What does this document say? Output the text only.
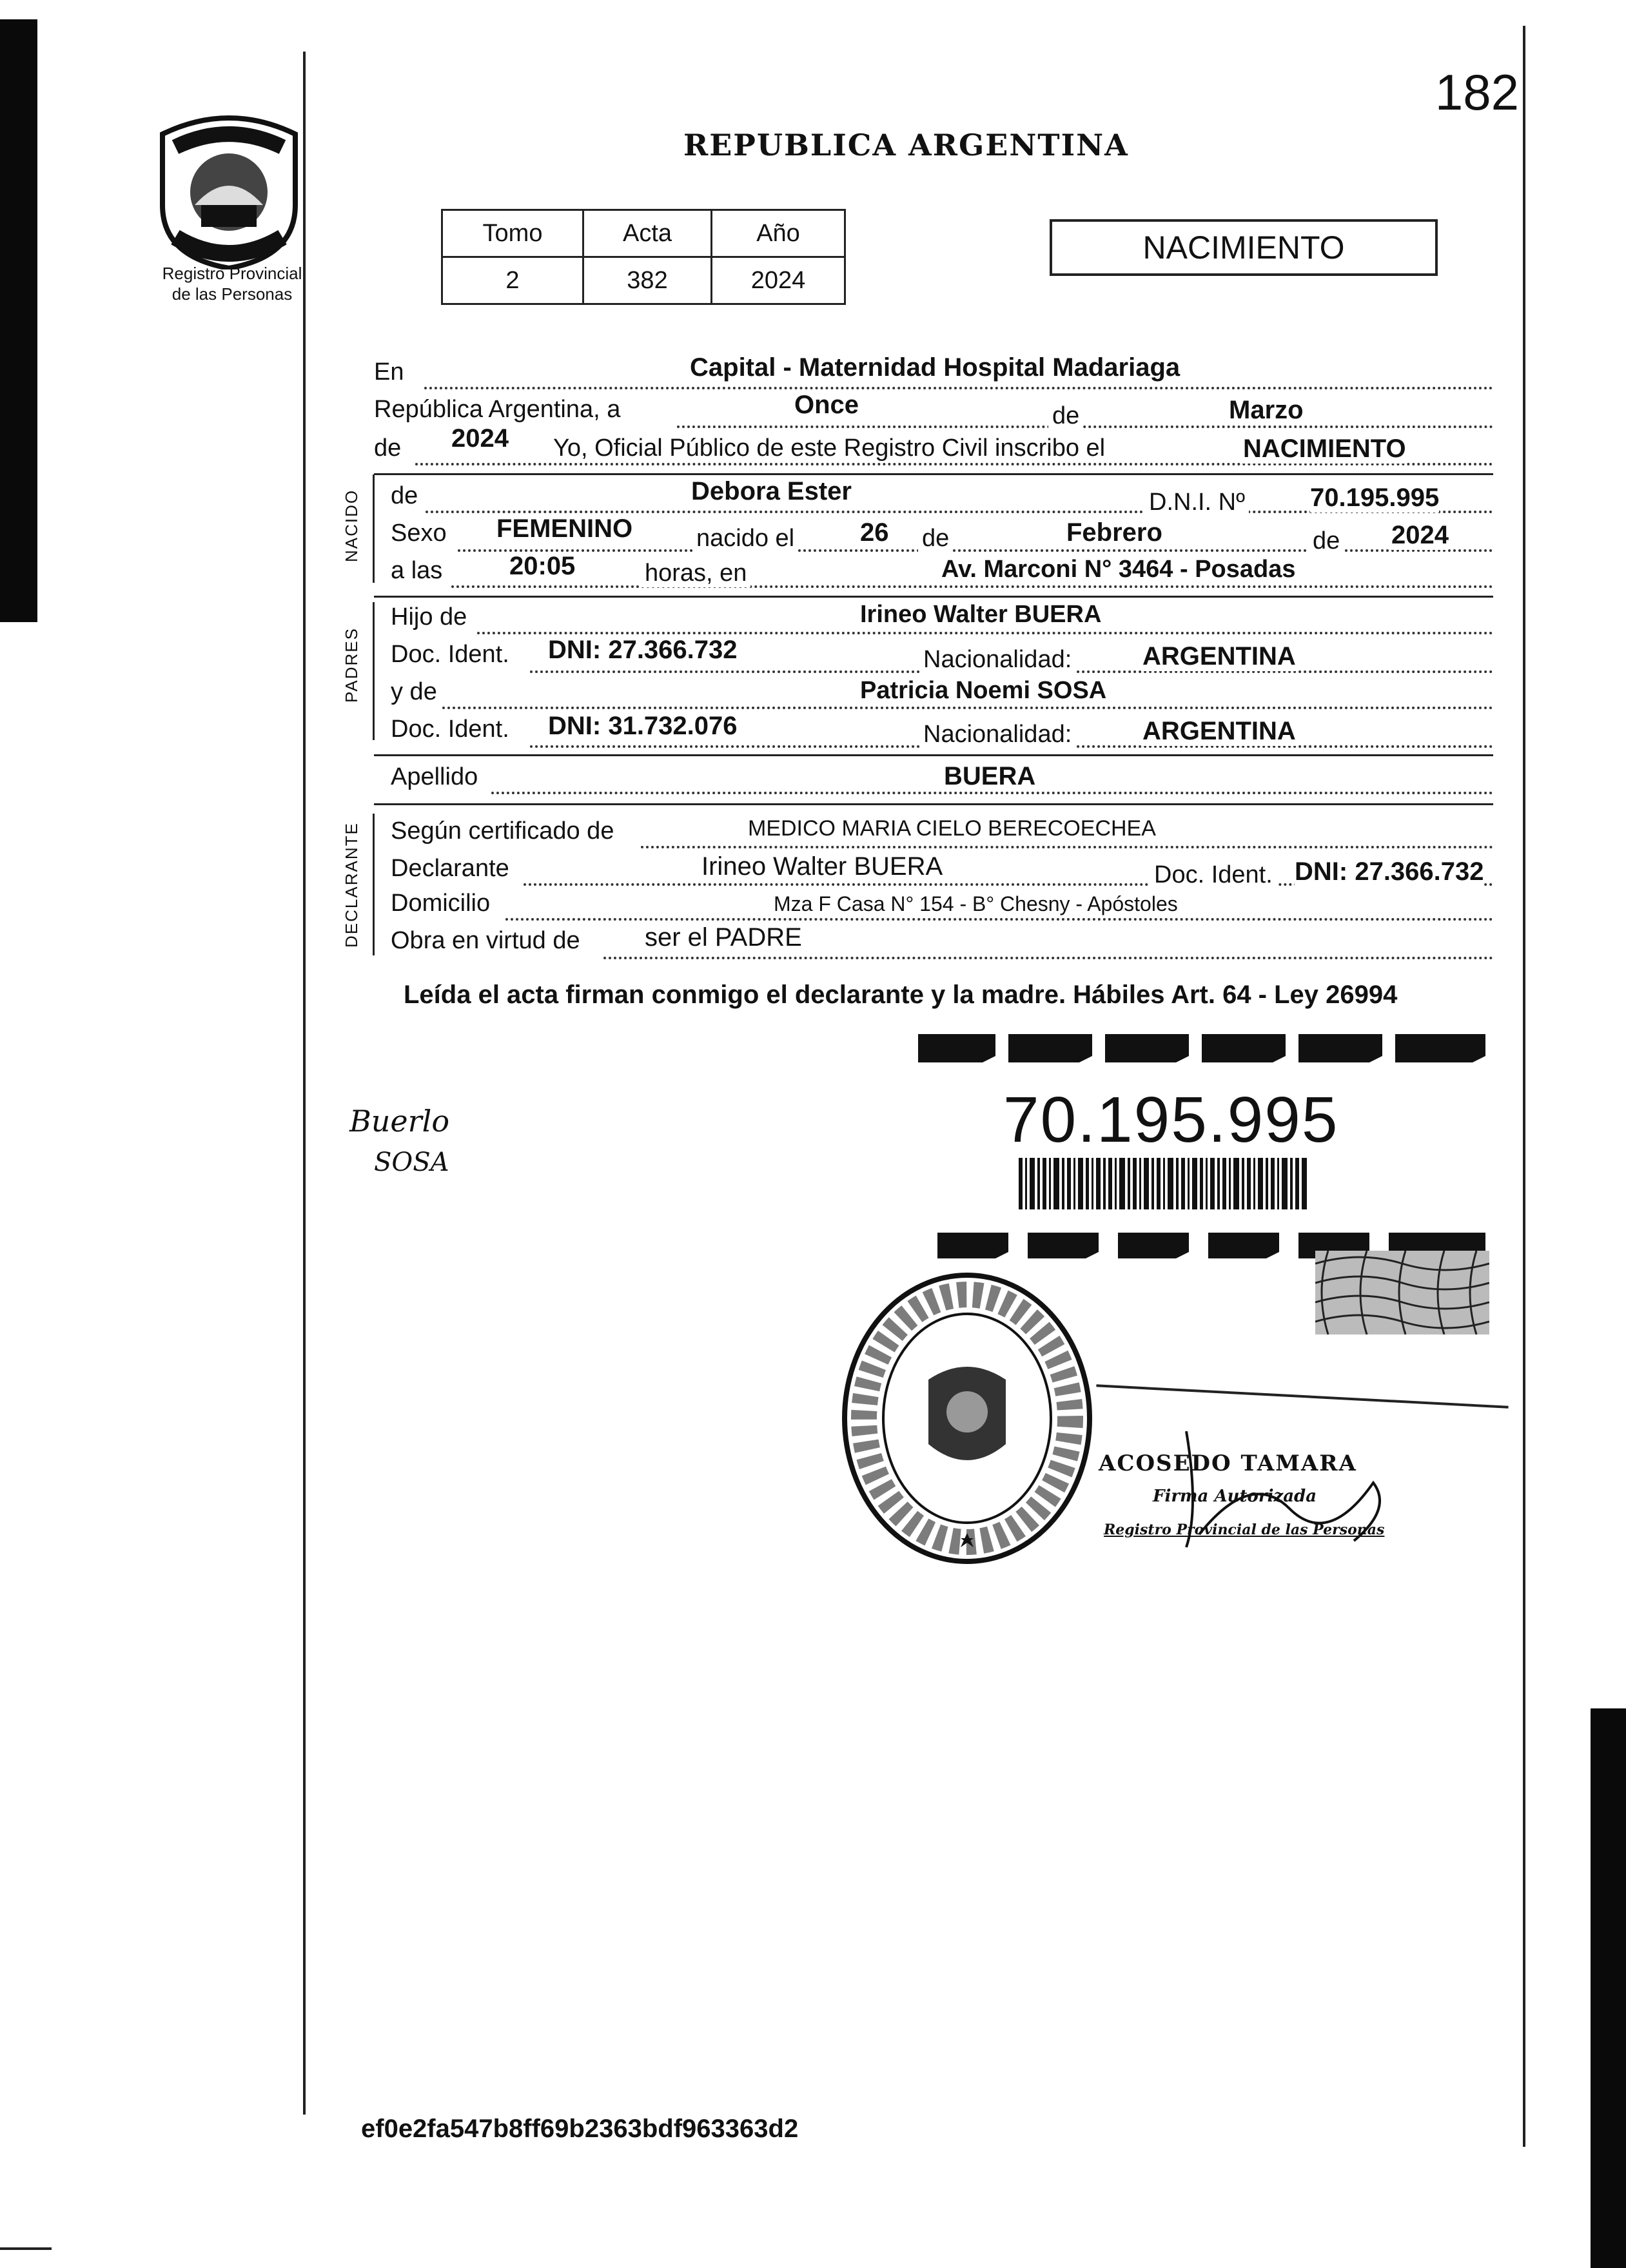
182
Registro Provincial
de las Personas
REPUBLICA ARGENTINA
Tomo	Acta	Año
2	382	2024
NACIMIENTO
En	Capital - Maternidad Hospital Madariaga
República Argentina, a	Once	de	Marzo
de 2024 Yo, Oficial Público de este Registro Civil inscribo el	NACIMIENTO
NACIDO de	Debora Ester	D.N.I. Nº	70.195.995
Sexo FEMENINO	nacido el	26 de	Febrero	de 2024
a las	20:05	horas, en	Av. Marconi N° 3464 - Posadas
PADRES
Hijo de	Irineo Walter BUERA
Doc. Ident. DNI: 27.366.732	Nacionalidad:	ARGENTINA
y de	Patricia Noemi SOSA
Doc. Ident. DNI: 31.732.076	Nacionalidad:	ARGENTINA
Apellido	BUERA
DECLARANTE Según certificado de	MEDICO MARIA CIELO BERECOECHEA
Declarante	Irineo Walter BUERA	Doc. Ident. DNI: 27.366.732
Domicilio	Mza F Casa N° 154 - B° Chesny - Apóstoles
Obra en virtud de	ser el PADRE
Leída el acta firman conmigo el declarante y la madre. Hábiles Art. 64 - Ley 26994
Buerlo
SOSA
70.195.995
ACOSEDO TAMARA
Firma Autorizada
Registro Provincial de las Personas
ef0e2fa547b8ff69b2363bdf963363d2
